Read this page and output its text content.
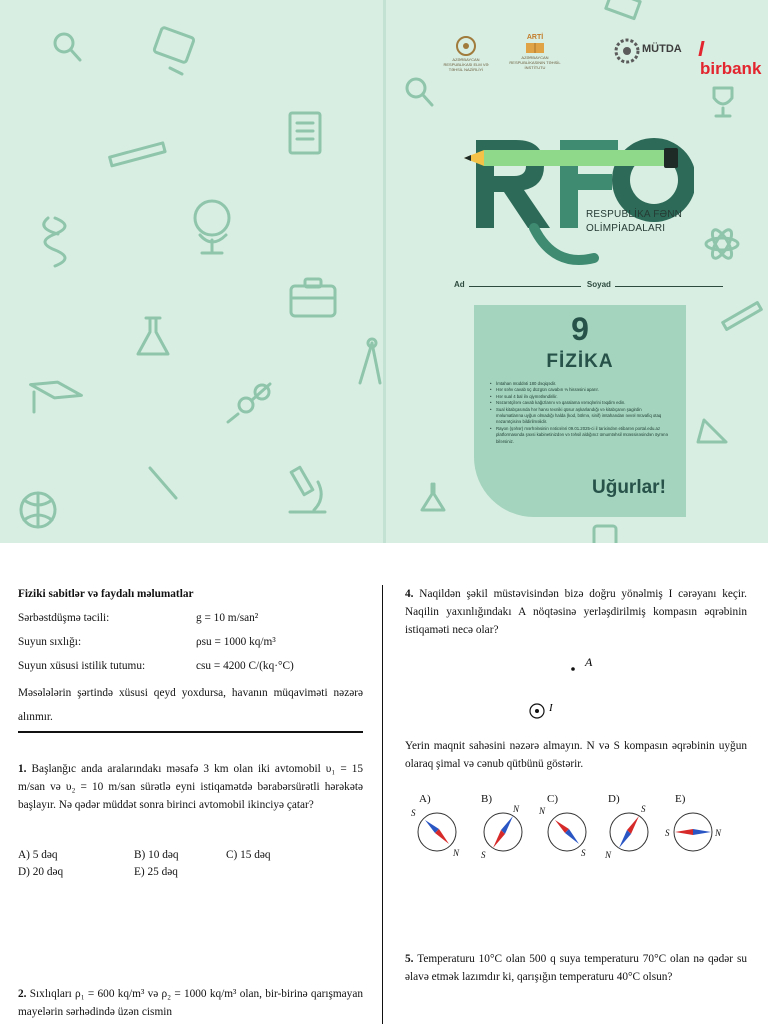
AZƏRBAYCAN RESPUBLİKASI ELM VƏ TƏHSİL NAZİRLİYİ
ARTİ
AZƏRBAYCAN RESPUBLİKASININ TƏHSİL İNSTİTUTU
MÜTDA
birbank
RESPUBLİKA FƏNN
OLİMPİADALARI
Ad	Soyad
9
FİZİKA
• İmtahan müddəti 180 dəqiqədir.
• Hər səhv cavab üç düzgün cavabın ⅓ hissəsini aparır.
• Hər sual 4 bal ilə qiymətləndirilir.
• Nəzarətçilərə cavab kağızlarını və qaralama vərəqlərini təqdim edin.
• Sual kitabçasında hər hansı texniki qüsur aşkarlandığı və kitabçanın şagirdin məlumatlarına uyğun olmadığı halda (kod, bölmə, sinif) imtahandan əvvəl müvafiq otaq nəzarətçisinə bildirilməlidir.
• Rayon (şəhər) mərhələsinin nəticələri 09.01.2025-ci il tarixindən etibarən portal.edu.az platformasında şəxsi kabinetinizdən və təhsil aldığınız ümumtəhsil müəssisəsindən öyrənə bilərsiniz.
Uğurlar!
Fiziki sabitlər və faydalı məlumatlar
Sərbəstdüşmə təcili:	g = 10 m/san²
Suyun sıxlığı:	ρsu = 1000 kq/m³
Suyun xüsusi istilik tutumu:	csu = 4200 C/(kq·°C)
Məsələlərin şərtində xüsusi qeyd yoxdursa, havanın müqaviməti nəzərə alınmır.
1. Başlanğıc anda aralarındakı məsafə 3 km olan iki avtomobil υ₁ = 15 m/san və υ₂ = 10 m/san sürətlə eyni istiqamətdə bərabərsürətli hərəkətə başlayır. Nə qədər müddət sonra birinci avtomobil ikinciyə çatar?
A) 5 dəq	B) 10 dəq	C) 15 dəq
D) 20 dəq	E) 25 dəq
2. Sıxlıqları ρ₁ = 600 kq/m³ və ρ₂ = 1000 kq/m³ olan, bir-birinə qarışmayan mayelərin sərhədində üzən cismin
4. Naqildən şəkil müstəvisindən bizə doğru yönəlmiş I cərəyanı keçir. Naqilin yaxınlığındakı A nöqtəsinə yerləşdirilmiş kompasın əqrəbinin istiqaməti necə olar?
A
I
Yerin maqnit sahəsini nəzərə almayın. N və S kompasın əqrəbinin uyğun olaraq şimal və cənub qütbünü göstərir.
A)	B)	C)	D)	E)
S
N
N
S
N
S
S
N
S	N
5. Temperaturu 10°C olan 500 q suya temperaturu 70°C olan nə qədər su əlavə etmək lazımdır ki, qarışığın temperaturu 40°C olsun?
